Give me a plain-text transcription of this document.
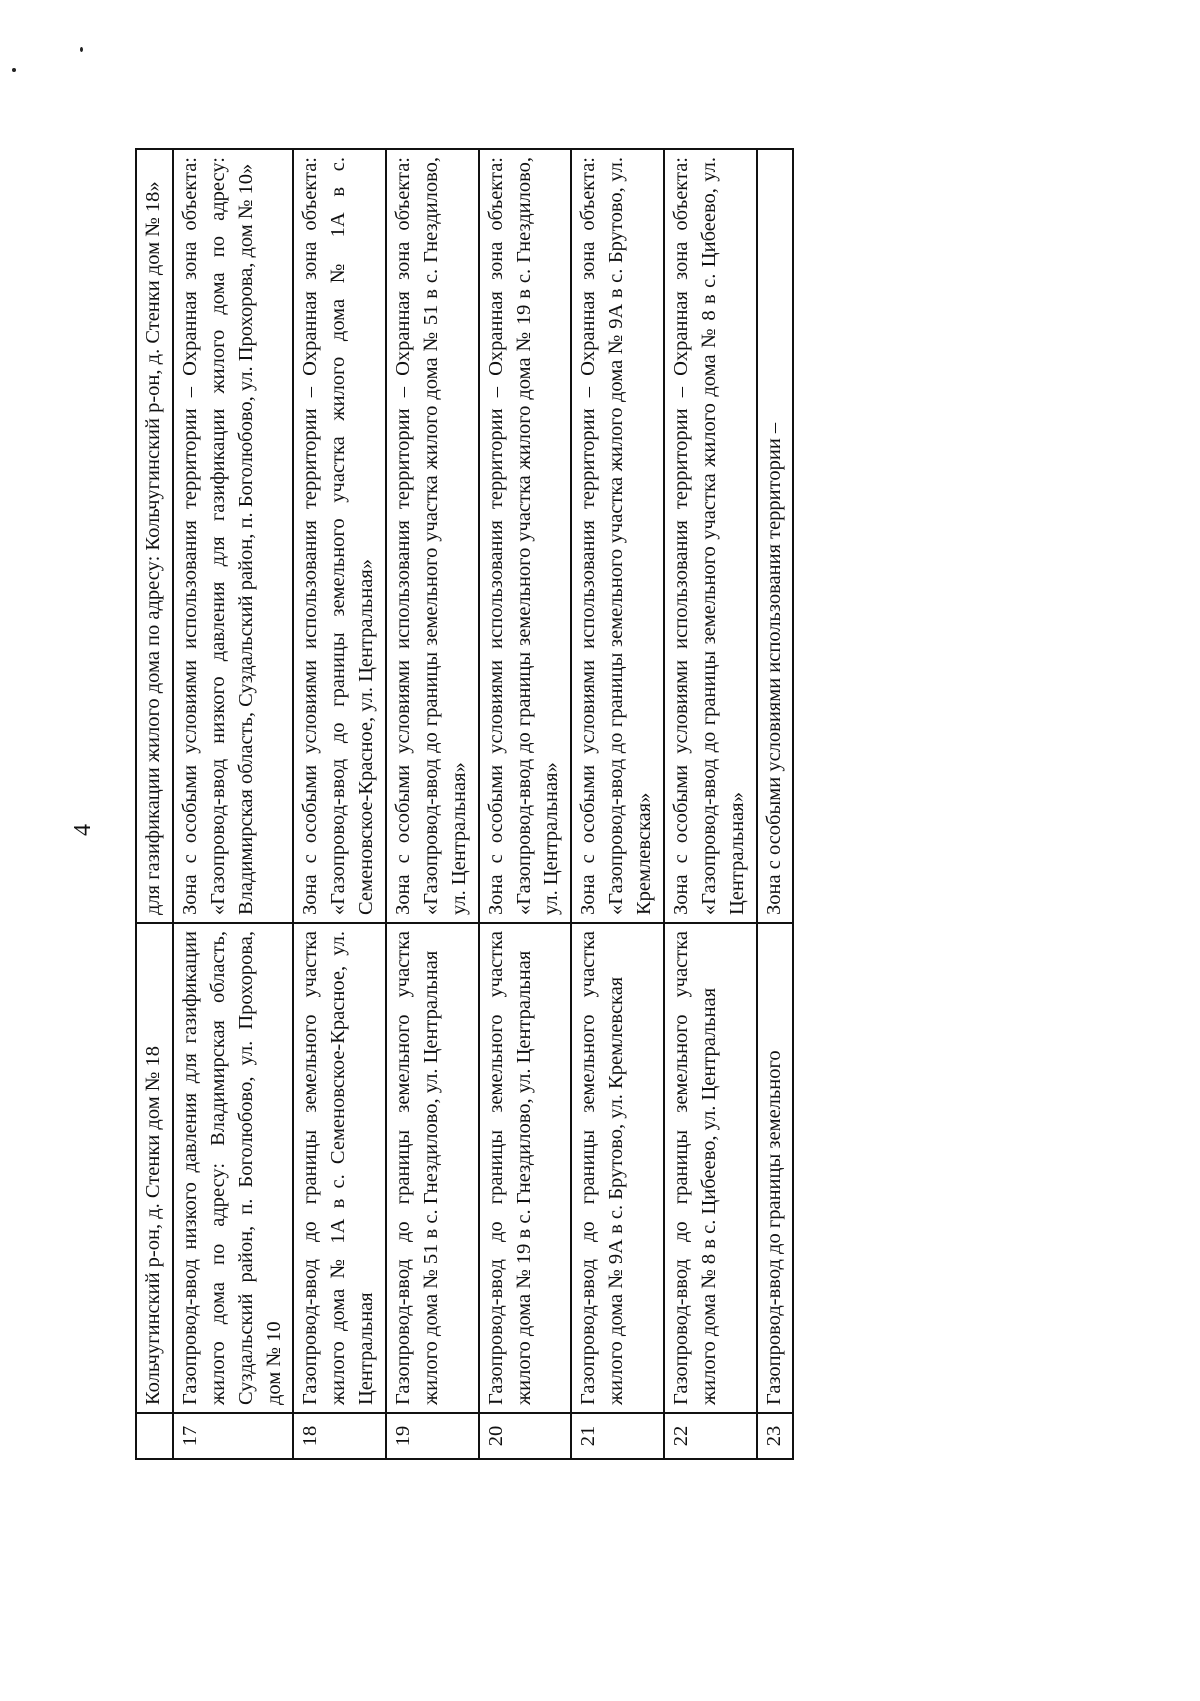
4
	Кольчугинский р-он, д. Стенки дом № 18	для газификации жилого дома по адресу: Кольчугинский р-он, д. Стенки дом № 18»
17	Газопровод-ввод низкого давления для газификации жилого дома по адресу: Владимирская область, Суздальский район, п. Боголюбово, ул. Прохорова, дом № 10	Зона с особыми условиями использования территории – Охранная зона объекта: «Газопровод-ввод низкого давления для газификации жилого дома по адресу: Владимирская область, Суздальский район, п. Боголюбово, ул. Прохорова, дом № 10»
18	Газопровод-ввод до границы земельного участка жилого дома № 1А в с. Семеновское-Красное, ул. Центральная	Зона с особыми условиями использования территории – Охранная зона объекта: «Газопровод-ввод до границы земельного участка жилого дома № 1А в с. Семеновское-Красное, ул. Центральная»
19	Газопровод-ввод до границы земельного участка жилого дома № 51 в с. Гнездилово, ул. Центральная	Зона с особыми условиями использования территории – Охранная зона объекта: «Газопровод-ввод до границы земельного участка жилого дома № 51 в с. Гнездилово, ул. Центральная»
20	Газопровод-ввод до границы земельного участка жилого дома № 19 в с. Гнездилово, ул. Центральная	Зона с особыми условиями использования территории – Охранная зона объекта: «Газопровод-ввод до границы земельного участка жилого дома № 19 в с. Гнездилово, ул. Центральная»
21	Газопровод-ввод до границы земельного участка жилого дома № 9А в с. Брутово, ул. Кремлевская	Зона с особыми условиями использования территории – Охранная зона объекта: «Газопровод-ввод до границы земельного участка жилого дома № 9А в с. Брутово, ул. Кремлевская»
22	Газопровод-ввод до границы земельного участка жилого дома № 8 в с. Цибеево, ул. Центральная	Зона с особыми условиями использования территории – Охранная зона объекта: «Газопровод-ввод до границы земельного участка жилого дома № 8 в с. Цибеево, ул. Центральная»
23	Газопровод-ввод до границы земельного	Зона с особыми условиями использования территории –
